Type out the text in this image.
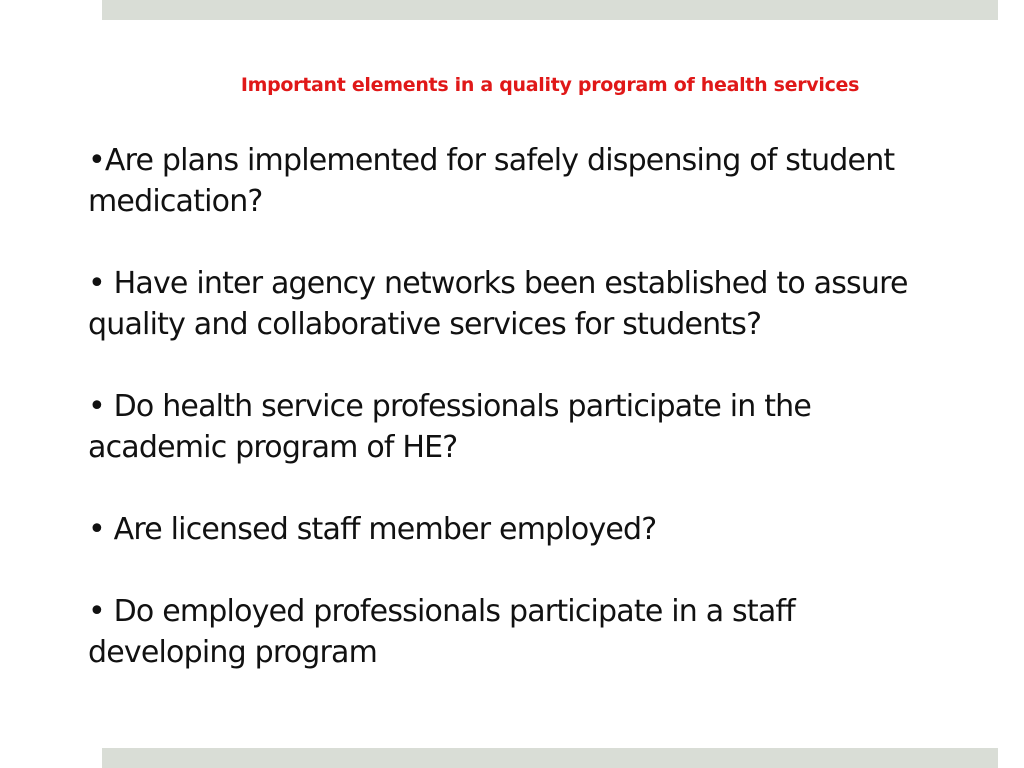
Important elements in a quality program of health services
•Are plans implemented for safely dispensing of student medication?
• Have inter agency networks been established to assure quality and collaborative services for students?
• Do health service professionals participate in the academic program of HE?
• Are licensed staff member employed?
• Do employed professionals participate in a staff developing program
